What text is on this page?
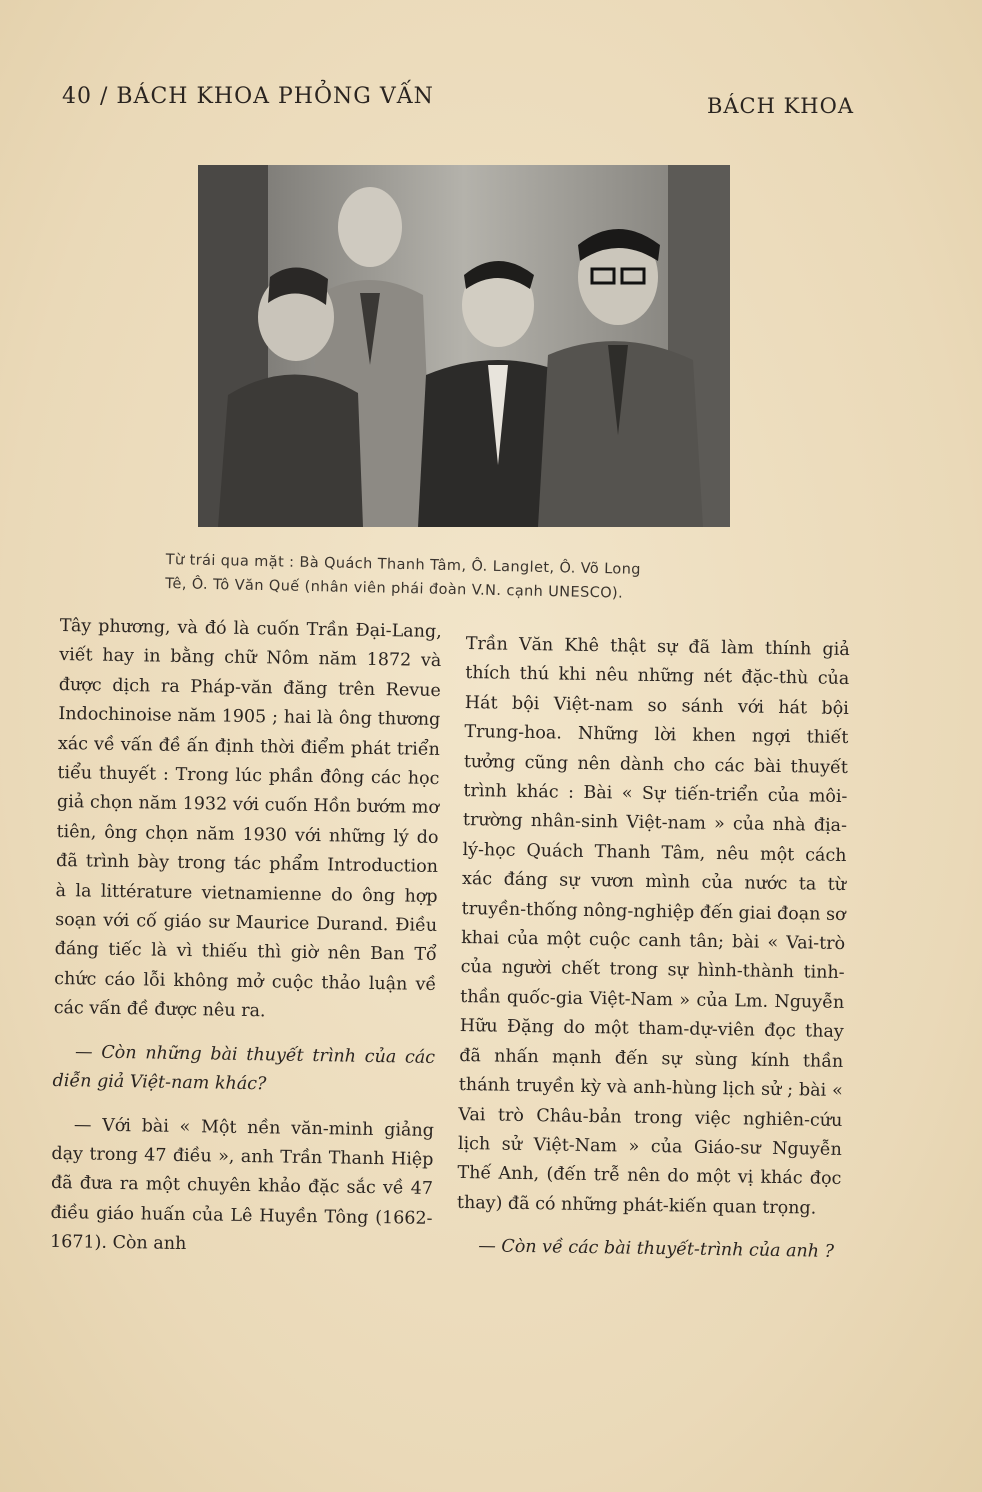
40 / BÁCH KHOA PHỎNG VẤN	BÁCH KHOA

Từ trái qua mặt : Bà Quách Thanh Tâm, Ô. Langlet, Ô. Võ Long

Tê, Ô. Tô Văn Quế (nhân viên phái đoàn V.N. cạnh UNESCO).

Tây phương, và đó là cuốn Trần Đại-Lang, viết hay in bằng chữ Nôm năm 1872 và được dịch ra Pháp-văn đăng trên Revue Indochinoise năm 1905 ; hai là ông thương xác về vấn đề ấn định thời điểm phát triển tiểu thuyết : Trong lúc phần đông các học giả chọn năm 1932 với cuốn Hồn bướm mơ tiên, ông chọn năm 1930 với những lý do đã trình bày trong tác phẩm Introduction à la littérature vietnamienne do ông hợp soạn với cố giáo sư Maurice Durand. Điều đáng tiếc là vì thiếu thì giờ nên Ban Tổ chức cáo lỗi không mở cuộc thảo luận về các vấn đề được nêu ra.

— Còn những bài thuyết trình của các diễn giả Việt-nam khác?

— Với bài « Một nền văn-minh giảng dạy trong 47 điều », anh Trần Thanh Hiệp đã đưa ra một chuyên khảo đặc sắc về 47 điều giáo huấn của Lê Huyền Tông (1662-1671). Còn anh

Trần Văn Khê thật sự đã làm thính giả thích thú khi nêu những nét đặc-thù của Hát bội Việt-nam so sánh với hát bội Trung-hoa. Những lời khen ngợi thiết tưởng cũng nên dành cho các bài thuyết trình khác : Bài « Sự tiến-triển của môi-trường nhân-sinh Việt-nam » của nhà địa-lý-học Quách Thanh Tâm, nêu một cách xác đáng sự vươn mình của nước ta từ truyền-thống nông-nghiệp đến giai đoạn sơ khai của một cuộc canh tân; bài « Vai-trò của người chết trong sự hình-thành tinh-thần quốc-gia Việt-Nam » của Lm. Nguyễn Hữu Đặng do một tham-dự-viên đọc thay đã nhấn mạnh đến sự sùng kính thần thánh truyền kỳ và anh-hùng lịch sử ; bài « Vai trò Châu-bản trong việc nghiên-cứu lịch sử Việt-Nam » của Giáo-sư Nguyễn Thế Anh, (đến trễ nên do một vị khác đọc thay) đã có những phát-kiến quan trọng.

— Còn về các bài thuyết-trình của anh ?
